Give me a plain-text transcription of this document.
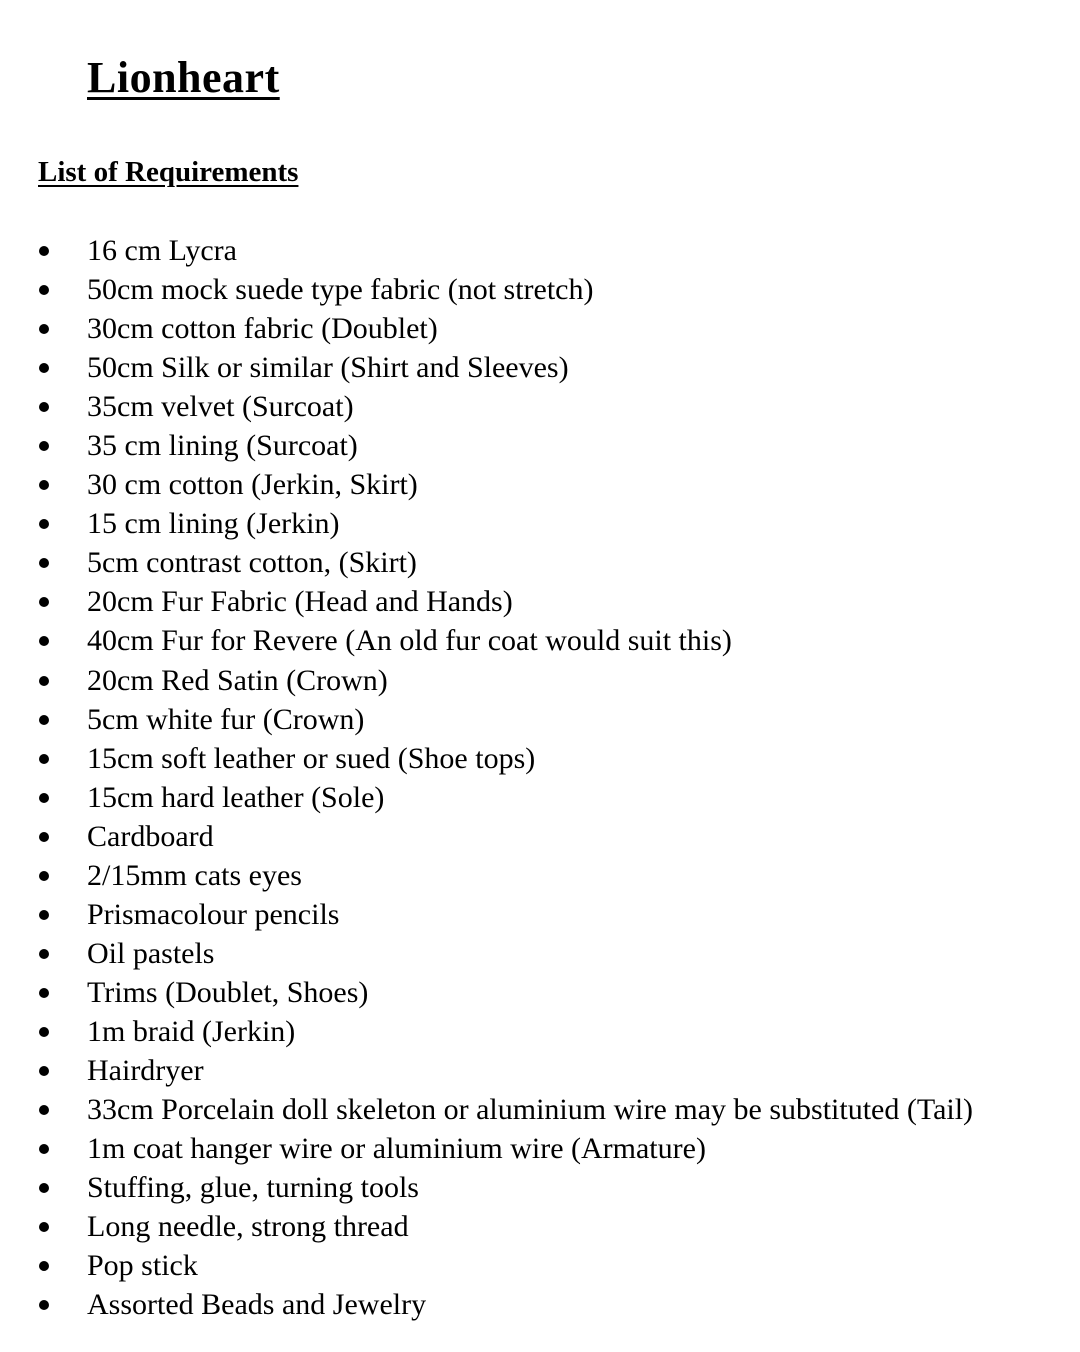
Lionheart
List of Requirements
16 cm Lycra
50cm mock suede type fabric (not stretch)
30cm cotton fabric (Doublet)
50cm Silk or similar (Shirt and Sleeves)
35cm velvet (Surcoat)
35 cm lining (Surcoat)
30 cm cotton (Jerkin, Skirt)
15 cm lining (Jerkin)
5cm contrast cotton, (Skirt)
20cm Fur Fabric (Head and Hands)
40cm Fur for Revere (An old fur coat would suit this)
20cm Red Satin (Crown)
5cm white fur (Crown)
15cm soft leather or sued (Shoe tops)
15cm hard leather (Sole)
Cardboard
2/15mm cats eyes
Prismacolour pencils
Oil pastels
Trims (Doublet, Shoes)
1m braid (Jerkin)
Hairdryer
33cm Porcelain doll skeleton or aluminium wire may be substituted (Tail)
1m coat hanger wire or aluminium wire (Armature)
Stuffing, glue, turning tools
Long needle, strong thread
Pop stick
Assorted Beads and Jewelry
